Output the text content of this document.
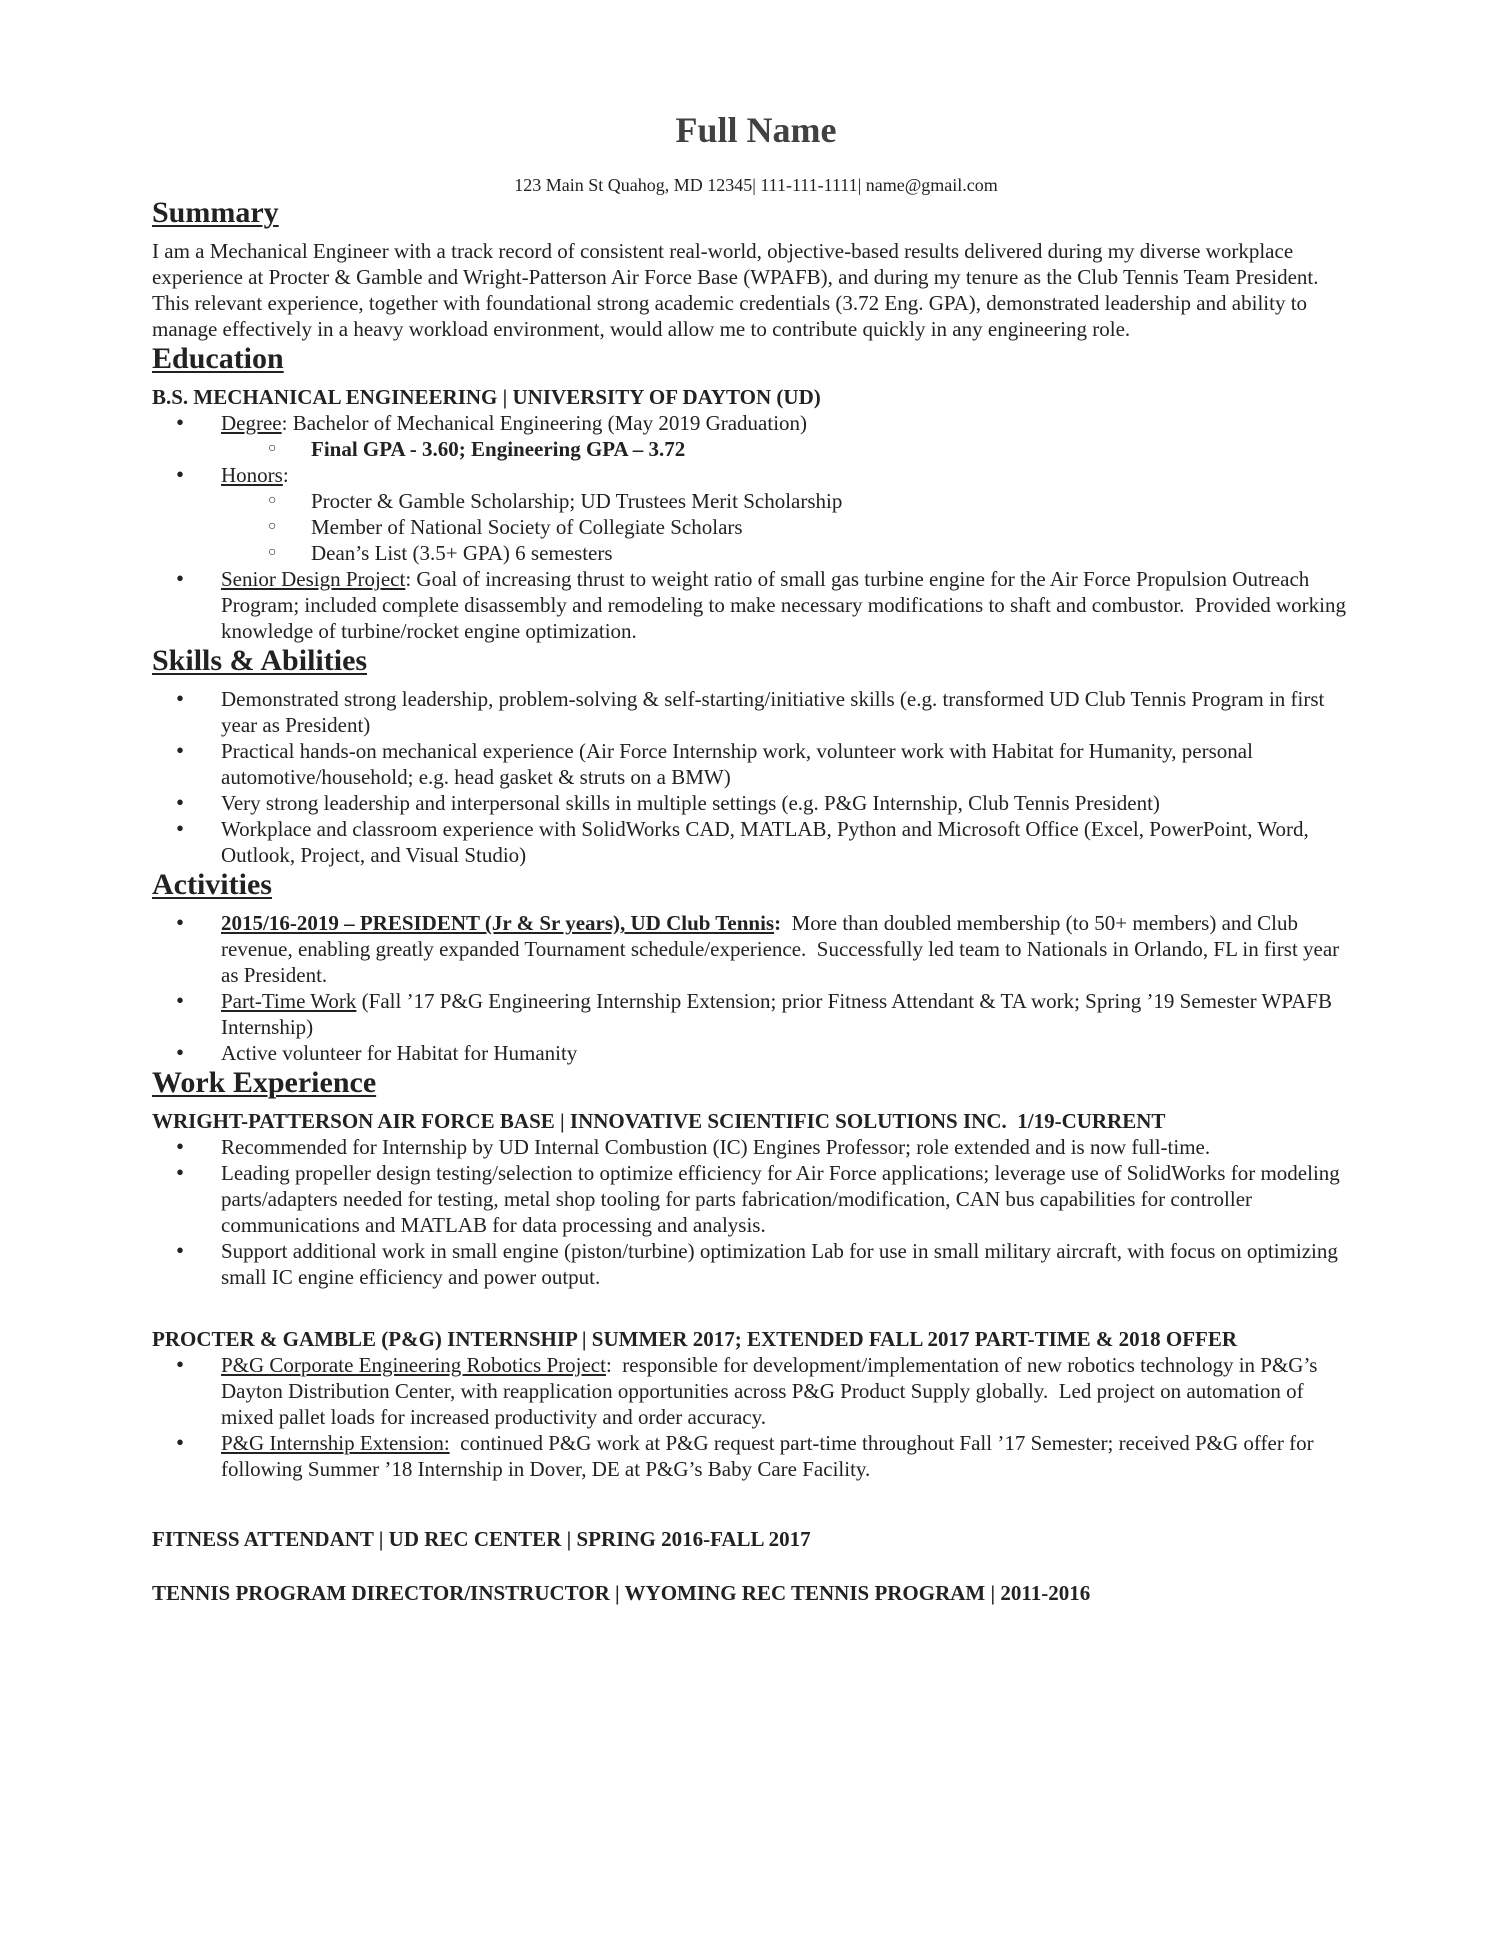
Full Name
123 Main St Quahog, MD 12345| 111-111-1111| name@gmail.com
Summary

I am a Mechanical Engineer with a track record of consistent real-world, objective-based results delivered during my diverse workplace experience at Procter & Gamble and Wright-Patterson Air Force Base (WPAFB), and during my tenure as the Club Tennis Team President. This relevant experience, together with foundational strong academic credentials (3.72 Eng. GPA), demonstrated leadership and ability to manage effectively in a heavy workload environment, would allow me to contribute quickly in any engineering role.

Education
B.S. MECHANICAL ENGINEERING | UNIVERSITY OF DAYTON (UD)
• Degree: Bachelor of Mechanical Engineering (May 2019 Graduation)
○ Final GPA - 3.60; Engineering GPA – 3.72
• Honors:
○ Procter & Gamble Scholarship; UD Trustees Merit Scholarship
○ Member of National Society of Collegiate Scholars
○ Dean’s List (3.5+ GPA) 6 semesters
• Senior Design Project: Goal of increasing thrust to weight ratio of small gas turbine engine for the Air Force Propulsion Outreach Program; included complete disassembly and remodeling to make necessary modifications to shaft and combustor.  Provided working knowledge of turbine/rocket engine optimization.
Skills & Abilities
• Demonstrated strong leadership, problem-solving & self-starting/initiative skills (e.g. transformed UD Club Tennis Program in first year as President)
• Practical hands-on mechanical experience (Air Force Internship work, volunteer work with Habitat for Humanity, personal automotive/household; e.g. head gasket & struts on a BMW)
• Very strong leadership and interpersonal skills in multiple settings (e.g. P&G Internship, Club Tennis President)
• Workplace and classroom experience with SolidWorks CAD, MATLAB, Python and Microsoft Office (Excel, PowerPoint, Word, Outlook, Project, and Visual Studio)
Activities
• 2015/16-2019 – PRESIDENT (Jr & Sr years), UD Club Tennis:  More than doubled membership (to 50+ members) and Club revenue, enabling greatly expanded Tournament schedule/experience.  Successfully led team to Nationals in Orlando, FL in first year as President.
• Part-Time Work (Fall ’17 P&G Engineering Internship Extension; prior Fitness Attendant & TA work; Spring ’19 Semester WPAFB Internship)
• Active volunteer for Habitat for Humanity
Work Experience
WRIGHT-PATTERSON AIR FORCE BASE | INNOVATIVE SCIENTIFIC SOLUTIONS INC.  1/19-CURRENT
• Recommended for Internship by UD Internal Combustion (IC) Engines Professor; role extended and is now full-time.
• Leading propeller design testing/selection to optimize efficiency for Air Force applications; leverage use of SolidWorks for modeling parts/adapters needed for testing, metal shop tooling for parts fabrication/modification, CAN bus capabilities for controller communications and MATLAB for data processing and analysis.
• Support additional work in small engine (piston/turbine) optimization Lab for use in small military aircraft, with focus on optimizing small IC engine efficiency and power output.
PROCTER & GAMBLE (P&G) INTERNSHIP | SUMMER 2017; EXTENDED FALL 2017 PART-TIME & 2018 OFFER
• P&G Corporate Engineering Robotics Project:  responsible for development/implementation of new robotics technology in P&G’s Dayton Distribution Center, with reapplication opportunities across P&G Product Supply globally.  Led project on automation of mixed pallet loads for increased productivity and order accuracy.
• P&G Internship Extension:  continued P&G work at P&G request part-time throughout Fall ’17 Semester; received P&G offer for following Summer ’18 Internship in Dover, DE at P&G’s Baby Care Facility.
FITNESS ATTENDANT | UD REC CENTER | SPRING 2016-FALL 2017
TENNIS PROGRAM DIRECTOR/INSTRUCTOR | WYOMING REC TENNIS PROGRAM | 2011-2016
